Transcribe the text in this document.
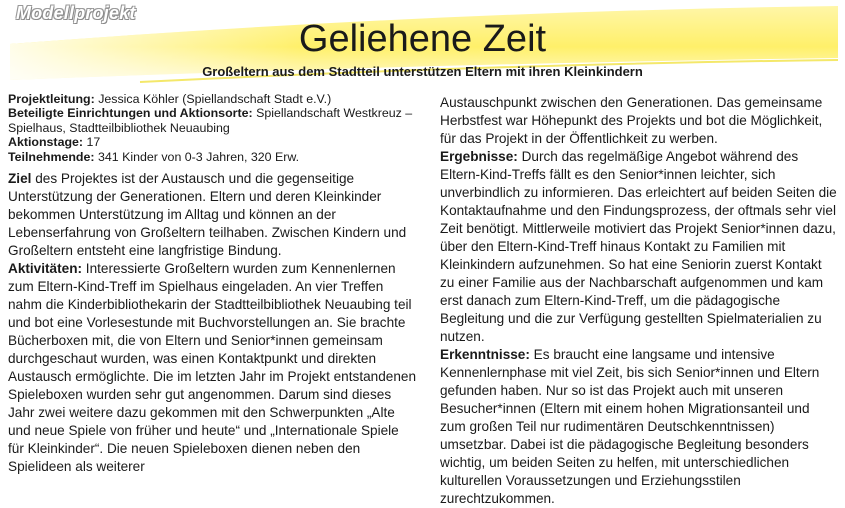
Modellprojekt
Geliehene Zeit
Großeltern aus dem Stadtteil unterstützen Eltern mit ihren Kleinkindern
Projektleitung: Jessica Köhler (Spiellandschaft Stadt e.V.)
Beteiligte Einrichtungen und Aktionsorte: Spiellandschaft Westkreuz – Spielhaus, Stadtteilbibliothek Neuaubing
Aktionstage: 17
Teilnehmende: 341 Kinder von 0-3 Jahren, 320 Erw.

Ziel des Projektes ist der Austausch und die gegenseitige Unterstützung der Generationen. Eltern und deren Kleinkinder bekommen Unterstützung im Alltag und können an der Lebenserfahrung von Großeltern teilhaben. Zwischen Kindern und Großeltern entsteht eine langfristige Bindung.

Aktivitäten: Interessierte Großeltern wurden zum Kennenlernen zum Eltern-Kind-Treff im Spielhaus eingeladen. An vier Treffen nahm die Kinderbibliothekarin der Stadtteilbibliothek Neuaubing teil und bot eine Vorlesestunde mit Buchvorstellungen an. Sie brachte Bücherboxen mit, die von Eltern und Senior*innen gemeinsam durchgeschaut wurden, was einen Kontaktpunkt und direkten Austausch ermöglichte. Die im letzten Jahr im Projekt entstandenen Spieleboxen wurden sehr gut angenommen. Darum sind dieses Jahr zwei weitere dazu gekommen mit den Schwerpunkten „Alte und neue Spiele von früher und heute“ und „Internationale Spiele für Kleinkinder“. Die neuen Spieleboxen dienen neben den Spielideen als weiterer

Austauschpunkt zwischen den Generationen. Das gemeinsame Herbstfest war Höhepunkt des Projekts und bot die Möglichkeit, für das Projekt in der Öffentlichkeit zu werben.

Ergebnisse: Durch das regelmäßige Angebot während des Eltern-Kind-Treffs fällt es den Senior*innen leichter, sich unverbindlich zu informieren. Das erleichtert auf beiden Seiten die Kontaktaufnahme und den Findungsprozess, der oftmals sehr viel Zeit benötigt. Mittlerweile motiviert das Projekt Senior*innen dazu, über den Eltern-Kind-Treff hinaus Kontakt zu Familien mit Kleinkindern aufzunehmen. So hat eine Seniorin zuerst Kontakt zu einer Familie aus der Nachbarschaft aufgenommen und kam erst danach zum Eltern-Kind-Treff, um die pädagogische Begleitung und die zur Verfügung gestellten Spielmaterialien zu nutzen.

Erkenntnisse: Es braucht eine langsame und intensive Kennenlernphase mit viel Zeit, bis sich Senior*innen und Eltern gefunden haben. Nur so ist das Projekt auch mit unseren Besucher*innen (Eltern mit einem hohen Migrationsanteil und zum großen Teil nur rudimentären Deutschkenntnissen) umsetzbar. Dabei ist die pädagogische Begleitung besonders wichtig, um beiden Seiten zu helfen, mit unterschiedlichen kulturellen Voraussetzungen und Erziehungsstilen zurechtzukommen.
